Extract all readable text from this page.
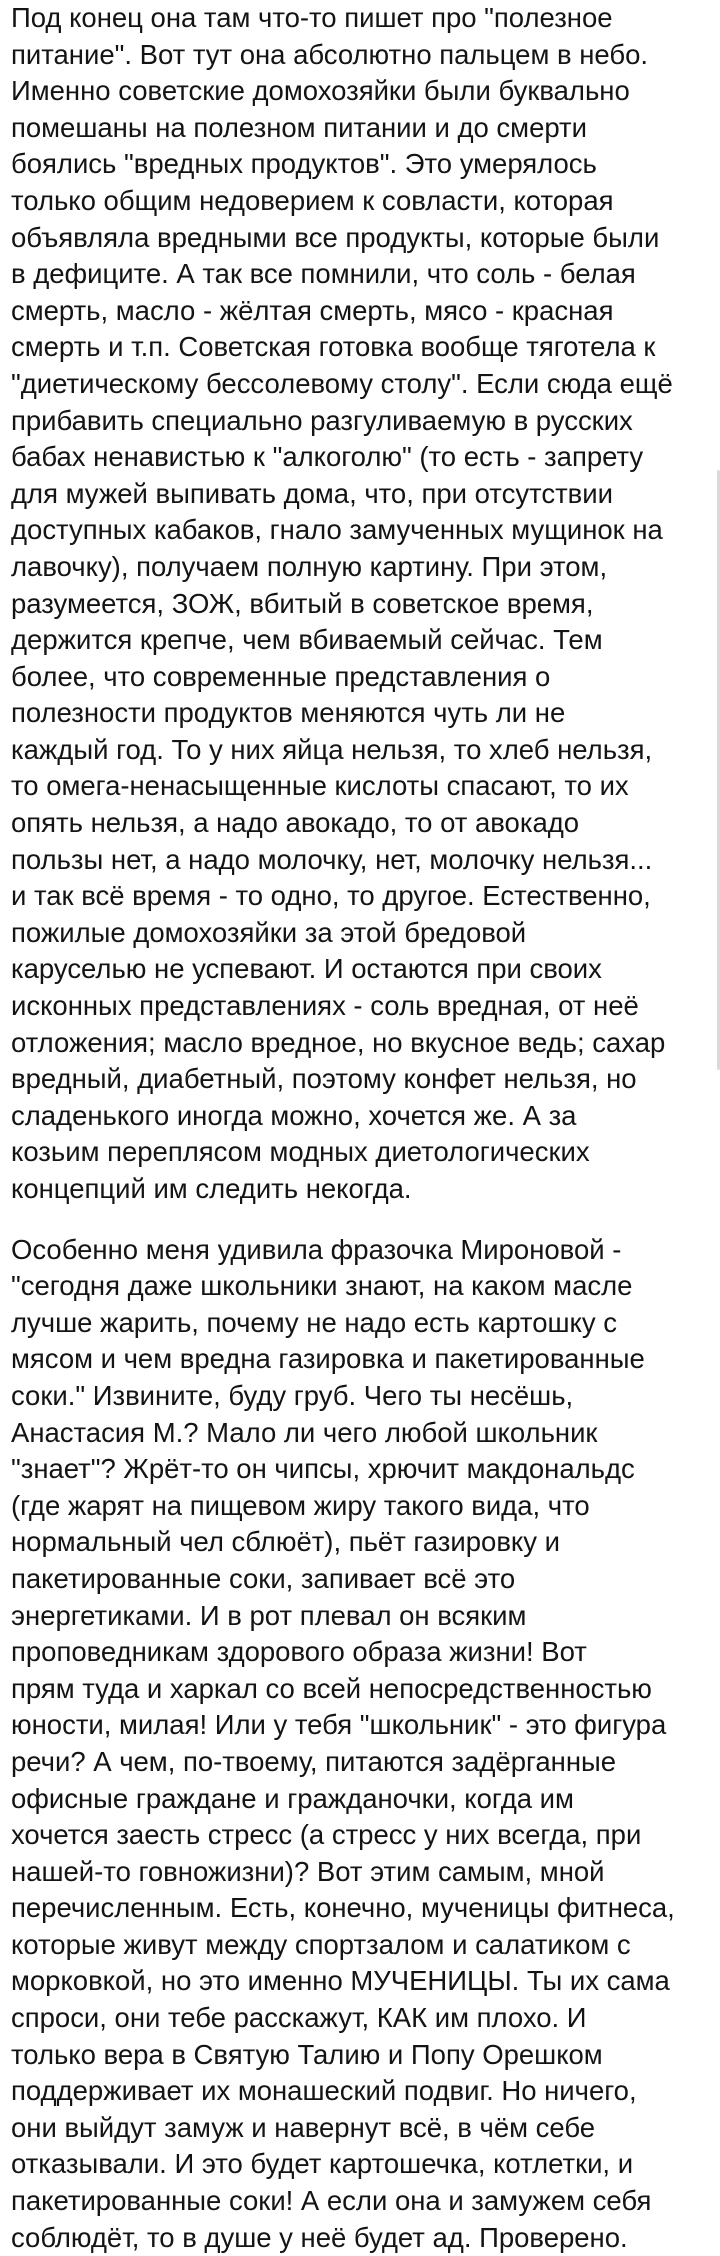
Под конец она там что-то пишет про "полезное
питание". Вот тут она абсолютно пальцем в небо.
Именно советские домохозяйки были буквально
помешаны на полезном питании и до смерти
боялись "вредных продуктов". Это умерялось
только общим недоверием к совласти, которая
объявляла вредными все продукты, которые были
в дефиците. А так все помнили, что соль - белая
смерть, масло - жёлтая смерть, мясо - красная
смерть и т.п. Советская готовка вообще тяготела к
"диетическому бессолевому столу". Если сюда ещё
прибавить специально разгуливаемую в русских
бабах ненавистью к "алкоголю" (то есть - запрету
для мужей выпивать дома, что, при отсутствии
доступных кабаков, гнало замученных мущинок на
лавочку), получаем полную картину. При этом,
разумеется, ЗОЖ, вбитый в советское время,
держится крепче, чем вбиваемый сейчас. Тем
более, что современные представления о
полезности продуктов меняются чуть ли не
каждый год. То у них яйца нельзя, то хлеб нельзя,
то омега-ненасыщенные кислоты спасают, то их
опять нельзя, а надо авокадо, то от авокадо
пользы нет, а надо молочку, нет, молочку нельзя...
и так всё время - то одно, то другое. Естественно,
пожилые домохозяйки за этой бредовой
каруселью не успевают. И остаются при своих
исконных представлениях - соль вредная, от неё
отложения; масло вредное, но вкусное ведь; сахар
вредный, диабетный, поэтому конфет нельзя, но
сладенького иногда можно, хочется же. А за
козьим переплясом модных диетологических
концепций им следить некогда.
Особенно меня удивила фразочка Мироновой -
"сегодня даже школьники знают, на каком масле
лучше жарить, почему не надо есть картошку с
мясом и чем вредна газировка и пакетированные
соки." Извините, буду груб. Чего ты несёшь,
Анастасия М.? Мало ли чего любой школьник
"знает"? Жрёт-то он чипсы, хрючит макдональдс
(где жарят на пищевом жиру такого вида, что
нормальный чел сблюёт), пьёт газировку и
пакетированные соки, запивает всё это
энергетиками. И в рот плевал он всяким
проповедникам здорового образа жизни! Вот
прям туда и харкал со всей непосредственностью
юности, милая! Или у тебя "школьник" - это фигура
речи? А чем, по-твоему, питаются задёрганные
офисные граждане и гражданочки, когда им
хочется заесть стресс (а стресс у них всегда, при
нашей-то говножизни)? Вот этим самым, мной
перечисленным. Есть, конечно, мученицы фитнеса,
которые живут между спортзалом и салатиком с
морковкой, но это именно МУЧЕНИЦЫ. Ты их сама
спроси, они тебе расскажут, КАК им плохо. И
только вера в Святую Талию и Попу Орешком
поддерживает их монашеский подвиг. Но ничего,
они выйдут замуж и навернут всё, в чём себе
отказывали. И это будет картошечка, котлетки, и
пакетированные соки! А если она и замужем себя
соблюдёт, то в душе у неё будет ад. Проверено.
